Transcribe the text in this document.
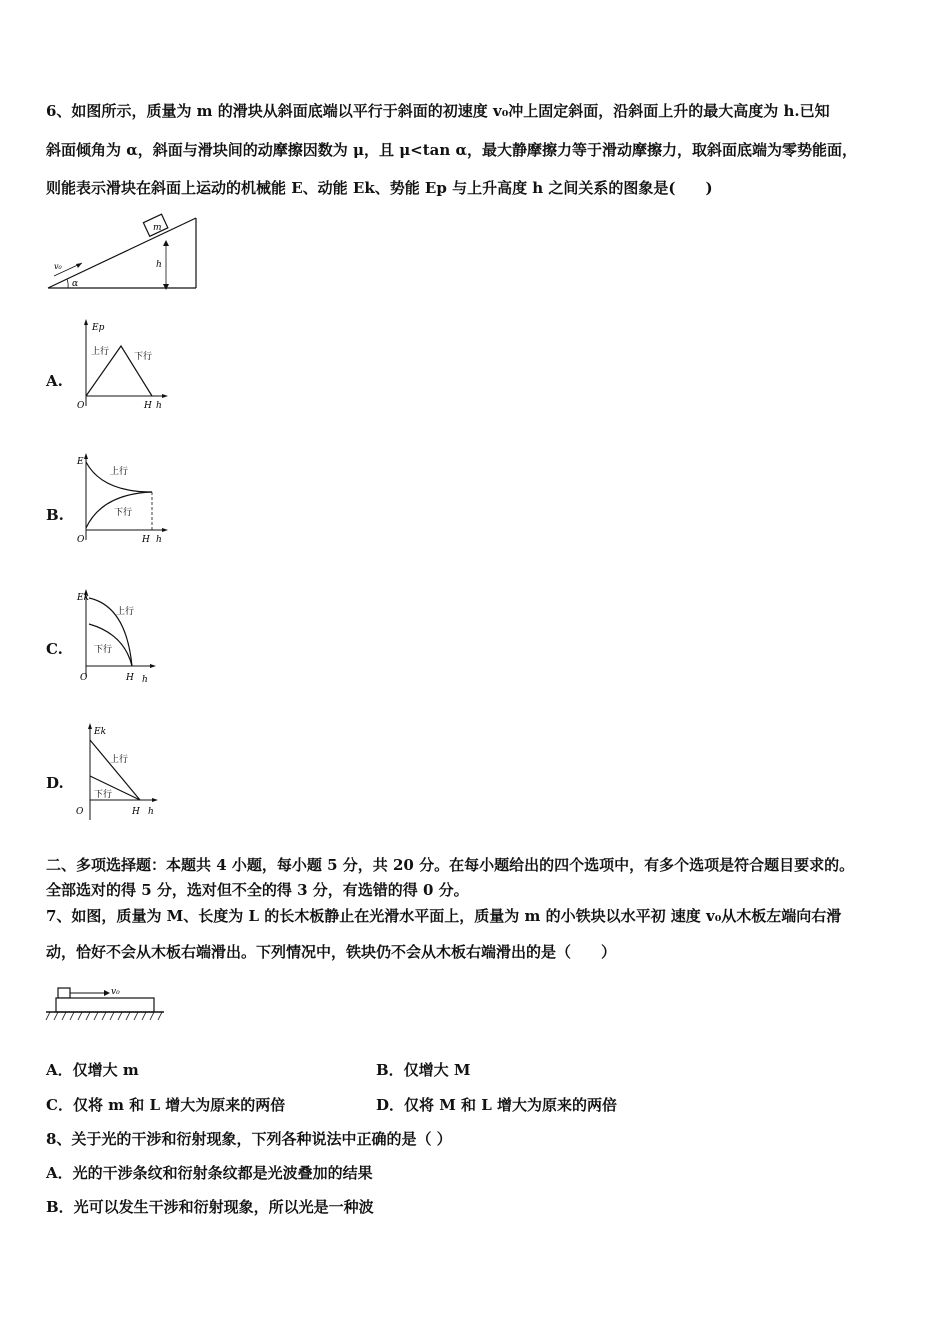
6、如图所示，质量为 m 的滑块从斜面底端以平行于斜面的初速度 v₀冲上固定斜面，沿斜面上升的最大高度为 h.已知
斜面倾角为 α，斜面与滑块间的动摩擦因数为 μ，且 μ<tan α，最大静摩擦力等于滑动摩擦力，取斜面底端为零势能面，
则能表示滑块在斜面上运动的机械能 E、动能 Ek、势能 Ep 与上升高度 h 之间关系的图象是(　　)
m
h
v₀
α
A.
Ep
O	H h
上行	下行
B.
E
O	H h
上行
下行
C.
Ek
O	H h
上行
下行
D.
Ek
O	H h
上行
下行
二、多项选择题：本题共 4 小题，每小题 5 分，共 20 分。在每小题给出的四个选项中，有多个选项是符合题目要求的。
全部选对的得 5 分，选对但不全的得 3 分，有选错的得 0 分。
7、如图，质量为 M、长度为 L 的长木板静止在光滑水平面上，质量为 m 的小铁块以水平初 速度 v₀从木板左端向右滑
动，恰好不会从木板右端滑出。下列情况中，铁块仍不会从木板右端滑出的是（　　）
v₀
A．仅增大 m	B．仅增大 M
C．仅将 m 和 L 增大为原来的两倍	D．仅将 M 和 L 增大为原来的两倍
8、关于光的干涉和衍射现象，下列各种说法中正确的是（ ）
A．光的干涉条纹和衍射条纹都是光波叠加的结果
B．光可以发生干涉和衍射现象，所以光是一种波
